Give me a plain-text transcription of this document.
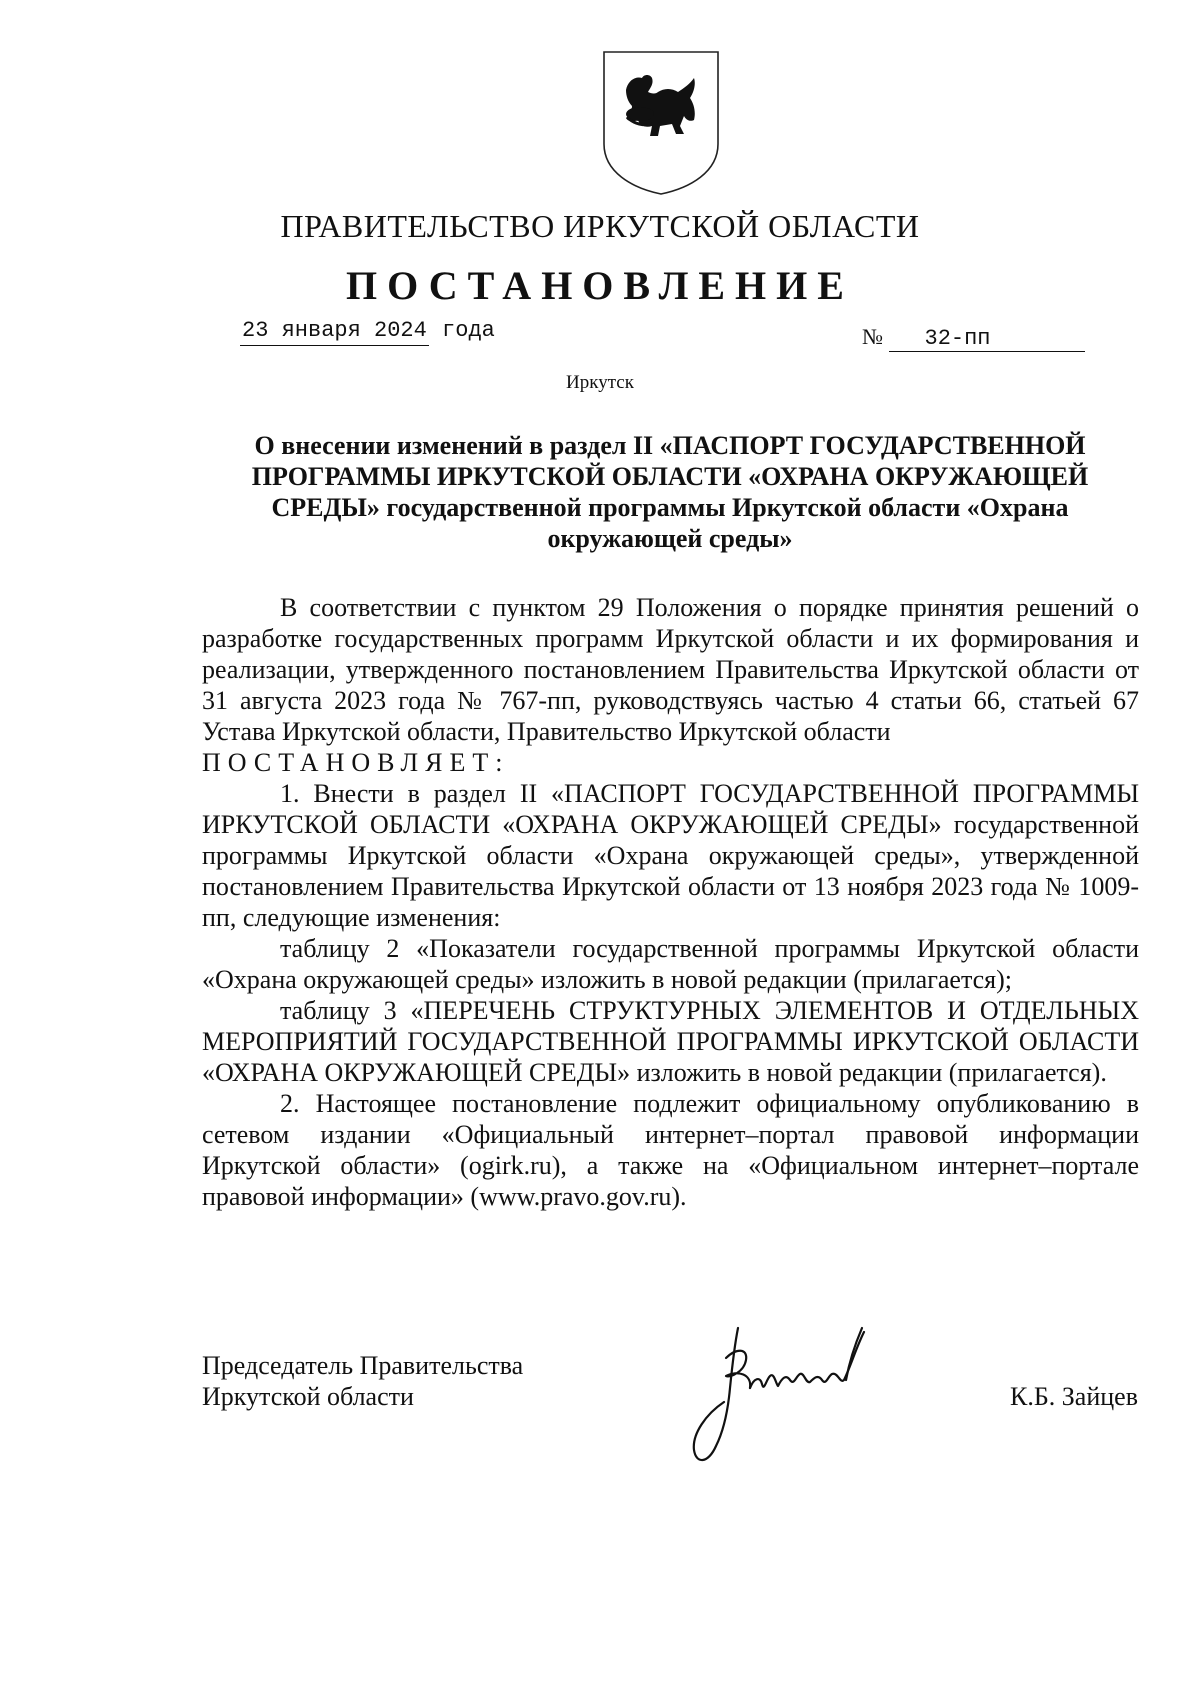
ПРАВИТЕЛЬСТВО ИРКУТСКОЙ ОБЛАСТИ
ПОСТАНОВЛЕНИЕ
23 января 2024 года	№ 32-пп
Иркутск
О внесении изменений в раздел II «ПАСПОРТ ГОСУДАРСТВЕННОЙ ПРОГРАММЫ ИРКУТСКОЙ ОБЛАСТИ «ОХРАНА ОКРУЖАЮЩЕЙ СРЕДЫ» государственной программы Иркутской области «Охрана окружающей среды»

В соответствии с пунктом 29 Положения о порядке принятия решений о разработке государственных программ Иркутской области и их формирования и реализации, утвержденного постановлением Правительства Иркутской области от 31 августа 2023 года № 767-пп, руководствуясь частью 4 статьи 66, статьей 67 Устава Иркутской области, Правительство Иркутской области

ПОСТАНОВЛЯЕТ:

1. Внести в раздел II «ПАСПОРТ ГОСУДАРСТВЕННОЙ ПРОГРАММЫ ИРКУТСКОЙ ОБЛАСТИ «ОХРАНА ОКРУЖАЮЩЕЙ СРЕДЫ» государственной программы Иркутской области «Охрана окружающей среды», утвержденной постановлением Правительства Иркутской области от 13 ноября 2023 года № 1009-пп, следующие изменения:

таблицу 2 «Показатели государственной программы Иркутской области «Охрана окружающей среды» изложить в новой редакции (прилагается);

таблицу 3 «ПЕРЕЧЕНЬ СТРУКТУРНЫХ ЭЛЕМЕНТОВ И ОТДЕЛЬНЫХ МЕРОПРИЯТИЙ ГОСУДАРСТВЕННОЙ ПРОГРАММЫ ИРКУТСКОЙ ОБЛАСТИ «ОХРАНА ОКРУЖАЮЩЕЙ СРЕДЫ» изложить в новой редакции (прилагается).

2. Настоящее постановление подлежит официальному опубликованию в сетевом издании «Официальный интернет–портал правовой информации Иркутской области» (ogirk.ru), а также на «Официальном интернет–портале правовой информации» (www.pravo.gov.ru).

Председатель Правительства
Иркутской области	К.Б. Зайцев
